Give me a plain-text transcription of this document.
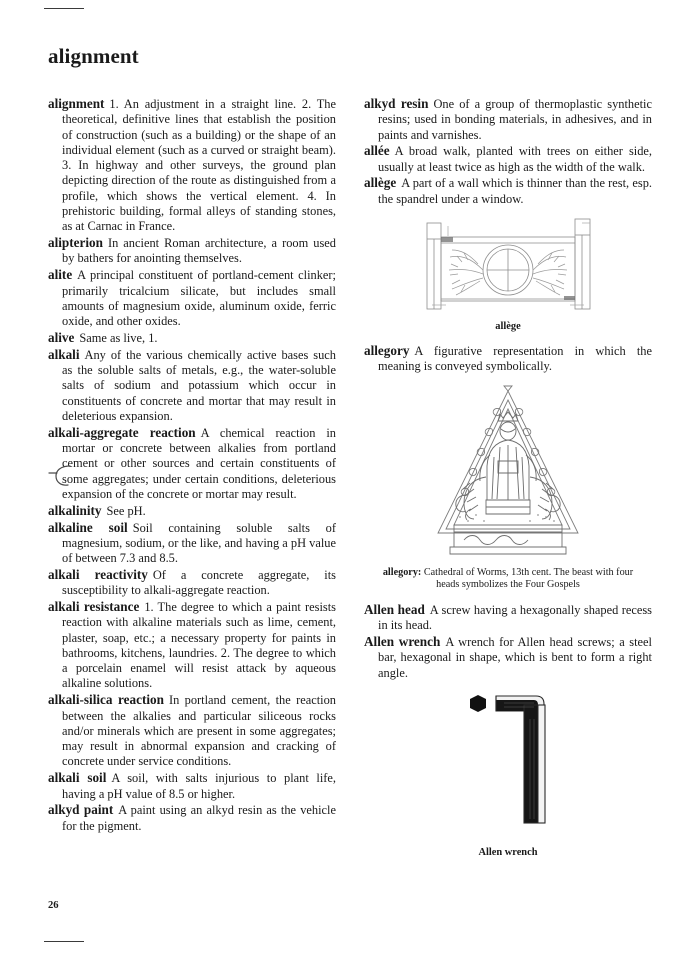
alignment

alignment 1. An adjustment in a straight line. 2. The theoretical, definitive lines that establish the position of construction (such as a building) or the shape of an individual element (such as a curved or straight beam). 3. In highway and other surveys, the ground plan depicting direction of the route as distinguished from a profile, which shows the vertical element. 4. In prehistoric building, formal alleys of standing stones, as at Carnac in France.

alipterion In ancient Roman architecture, a room used by bathers for anointing themselves.

alite A principal constituent of portland-cement clinker; primarily tricalcium silicate, but includes small amounts of magnesium oxide, aluminum oxide, ferric oxide, and other oxides.

alive Same as live, 1.

alkali Any of the various chemically active bases such as the soluble salts of metals, e.g., the water-soluble salts of sodium and potassium which occur in constituents of concrete and mortar that may result in deleterious expansion.

alkali-aggregate reaction A chemical reaction in mortar or concrete between alkalies from portland cement or other sources and certain constituents of some aggregates; under certain conditions, deleterious expansion of the concrete or mortar may result.

alkalinity See pH.

alkaline soil Soil containing soluble salts of magnesium, sodium, or the like, and having a pH value of between 7.3 and 8.5.

alkali reactivity Of a concrete aggregate, its susceptibility to alkali-aggregate reaction.

alkali resistance 1. The degree to which a paint resists reaction with alkaline materials such as lime, cement, plaster, soap, etc.; a necessary property for paints in bathrooms, kitchens, laundries. 2. The degree to which a porcelain enamel will resist attack by aqueous alkaline solutions.

alkali-silica reaction In portland cement, the reaction between the alkalies and particular siliceous rocks and/or minerals which are present in some aggregates; may result in abnormal expansion and cracking of concrete under service conditions.

alkali soil A soil, with salts injurious to plant life, having a pH value of 8.5 or higher.

alkyd paint A paint using an alkyd resin as the vehicle for the pigment.

alkyd resin One of a group of thermoplastic synthetic resins; used in bonding materials, in adhesives, and in paints and varnishes.

allée A broad walk, planted with trees on either side, usually at least twice as high as the width of the walk.

allège A part of a wall which is thinner than the rest, esp. the spandrel under a window.

allège

allegory A figurative representation in which the meaning is conveyed symbolically.

allegory: Cathedral of Worms, 13th cent. The beast with four heads symbolizes the Four Gospels

Allen head A screw having a hexagonally shaped recess in its head.

Allen wrench A wrench for Allen head screws; a steel bar, hexagonal in shape, which is bent to form a right angle.

Allen wrench
26
